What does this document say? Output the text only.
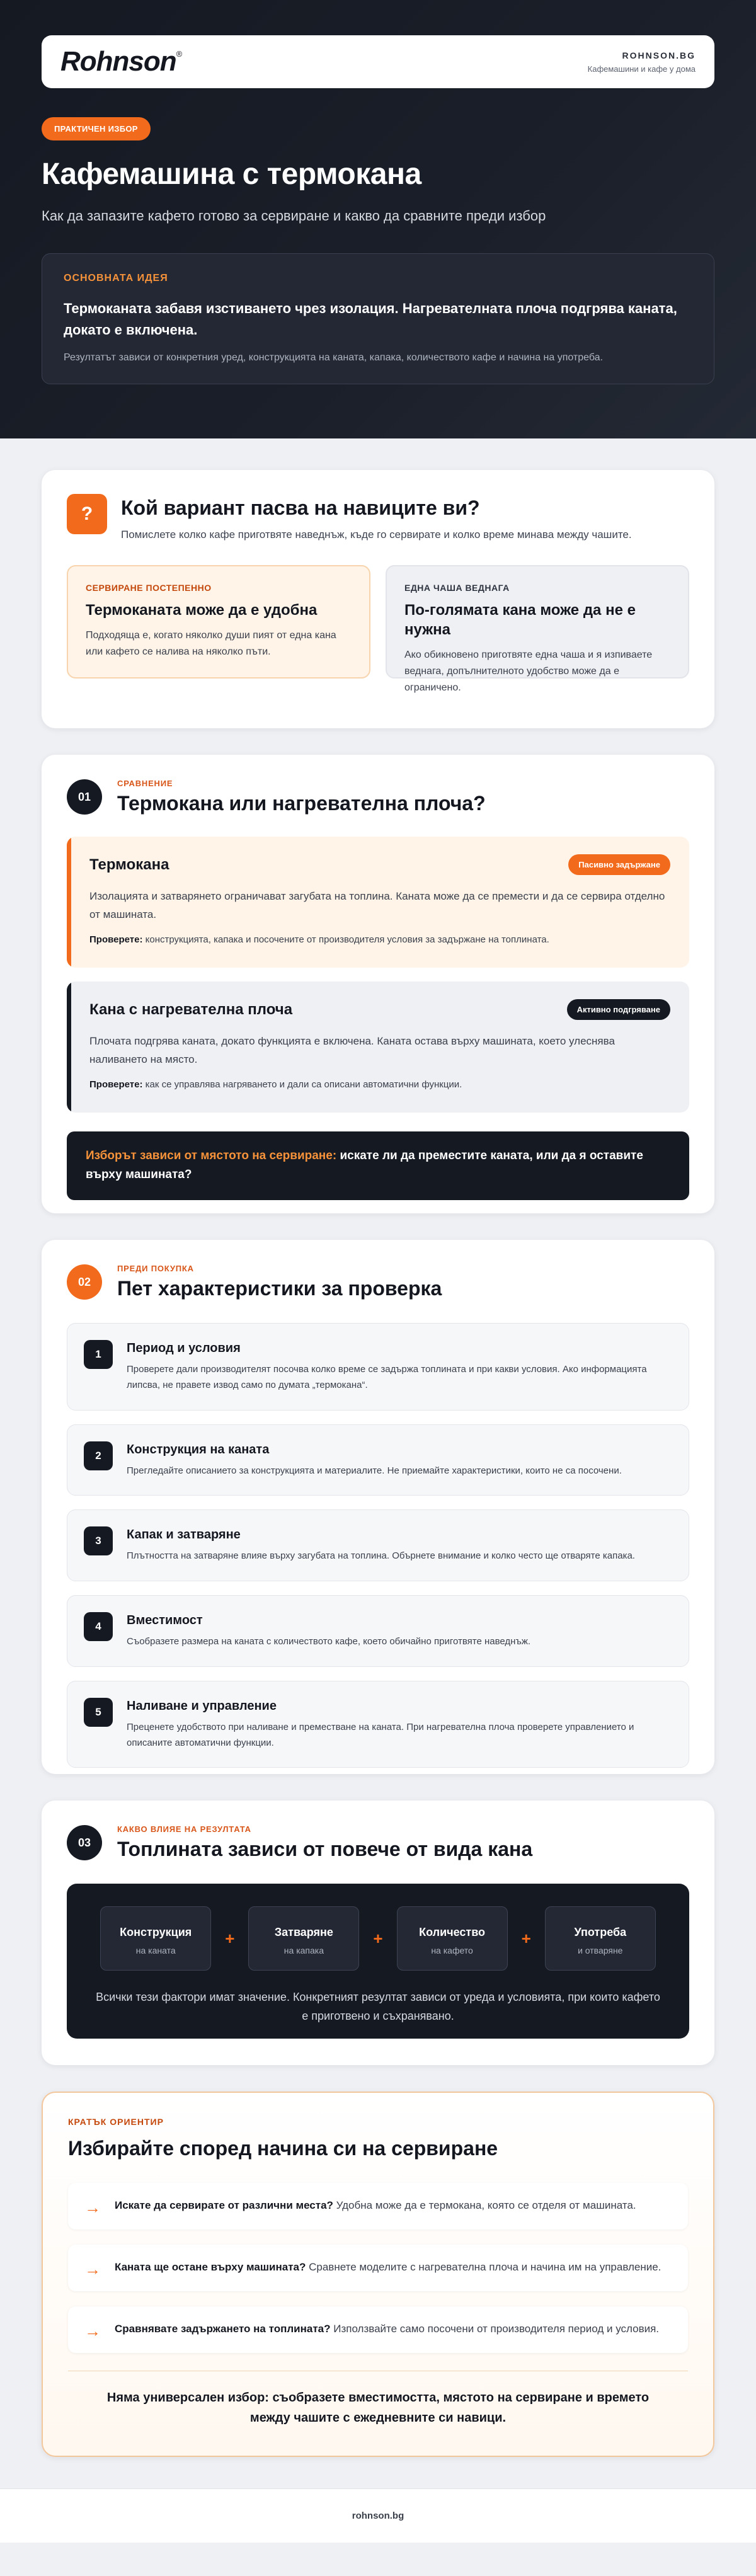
Rohnson®	ROHNSON.BG
Кафемашини и кафе у дома
ПРАКТИЧЕН ИЗБОР
Кафемашина с термокана

Как да запазите кафето готово за сервиране и какво да сравните преди избор

ОСНОВНАТА ИДЕЯ
Термоканата забавя изстиването чрез изолация. Нагревателната плоча подгрява каната, докато е включена.
Резултатът зависи от конкретния уред, конструкцията на каната, капака, количеството кафе и начина на употреба.
?	Кой вариант пасва на навиците ви?

Помислете колко кафе приготвяте наведнъж, къде го сервирате и колко време минава между чашите.

СЕРВИРАНЕ ПОСТЕПЕННО
Термоканата може да е удобна
Подходяща е, когато няколко души пият от една кана или кафето се налива на няколко пъти.
ЕДНА ЧАША ВЕДНАГА
По-голямата кана може да не е нужна
Ако обикновено приготвяте една чаша и я изпиваете веднага, допълнителното удобство може да е ограничено.
01
СРАВНЕНИЕ
Термокана или нагревателна плоча?
Термокана	Пасивно задържане
Изолацията и затварянето ограничават загубата на топлина. Каната може да се премести и да се сервира отделно от машината.
Проверете: конструкцията, капака и посочените от производителя условия за задържане на топлината.
Кана с нагревателна плоча	Активно подгряване
Плочата подгрява каната, докато функцията е включена. Каната остава върху машината, което улеснява наливането на място.
Проверете: как се управлява нагряването и дали са описани автоматични функции.
Изборът зависи от мястото на сервиране: искате ли да преместите каната, или да я оставите върху машината?
02
ПРЕДИ ПОКУПКА
Пет характеристики за проверка
1	Период и условия
Проверете дали производителят посочва колко време се задържа топлината и при какви условия. Ако информацията липсва, не правете извод само по думата „термокана“.
2	Конструкция на каната
Прегледайте описанието за конструкцията и материалите. Не приемайте характеристики, които не са посочени.
3	Капак и затваряне
Плътността на затваряне влияе върху загубата на топлина. Обърнете внимание и колко често ще отваряте капака.
4	Вместимост
Съобразете размера на каната с количеството кафе, което обичайно приготвяте наведнъж.
5	Наливане и управление
Преценете удобството при наливане и преместване на каната. При нагревателна плоча проверете управлението и описаните автоматични функции.
03
КАКВО ВЛИЯЕ НА РЕЗУЛТАТА
Топлината зависи от повече от вида кана
Конструкция
на каната
+	Затваряне
на капака
+	Количество
на кафето
+	Употреба
и отваряне

Всички тези фактори имат значение. Конкретният резултат зависи от уреда и условията, при които кафето е приготвено и съхранявано.

КРАТЪК ОРИЕНТИР
Избирайте според начина си на сервиране
→ Искате да сервирате от различни места? Удобна може да е термокана, която се отделя от машината.
→ Каната ще остане върху машината? Сравнете моделите с нагревателна плоча и начина им на управление.
→ Сравнявате задържането на топлината? Използвайте само посочени от производителя период и условия.

Няма универсален избор: съобразете вместимостта, мястото на сервиране и времето между чашите с ежедневните си навици.

rohnson.bg
